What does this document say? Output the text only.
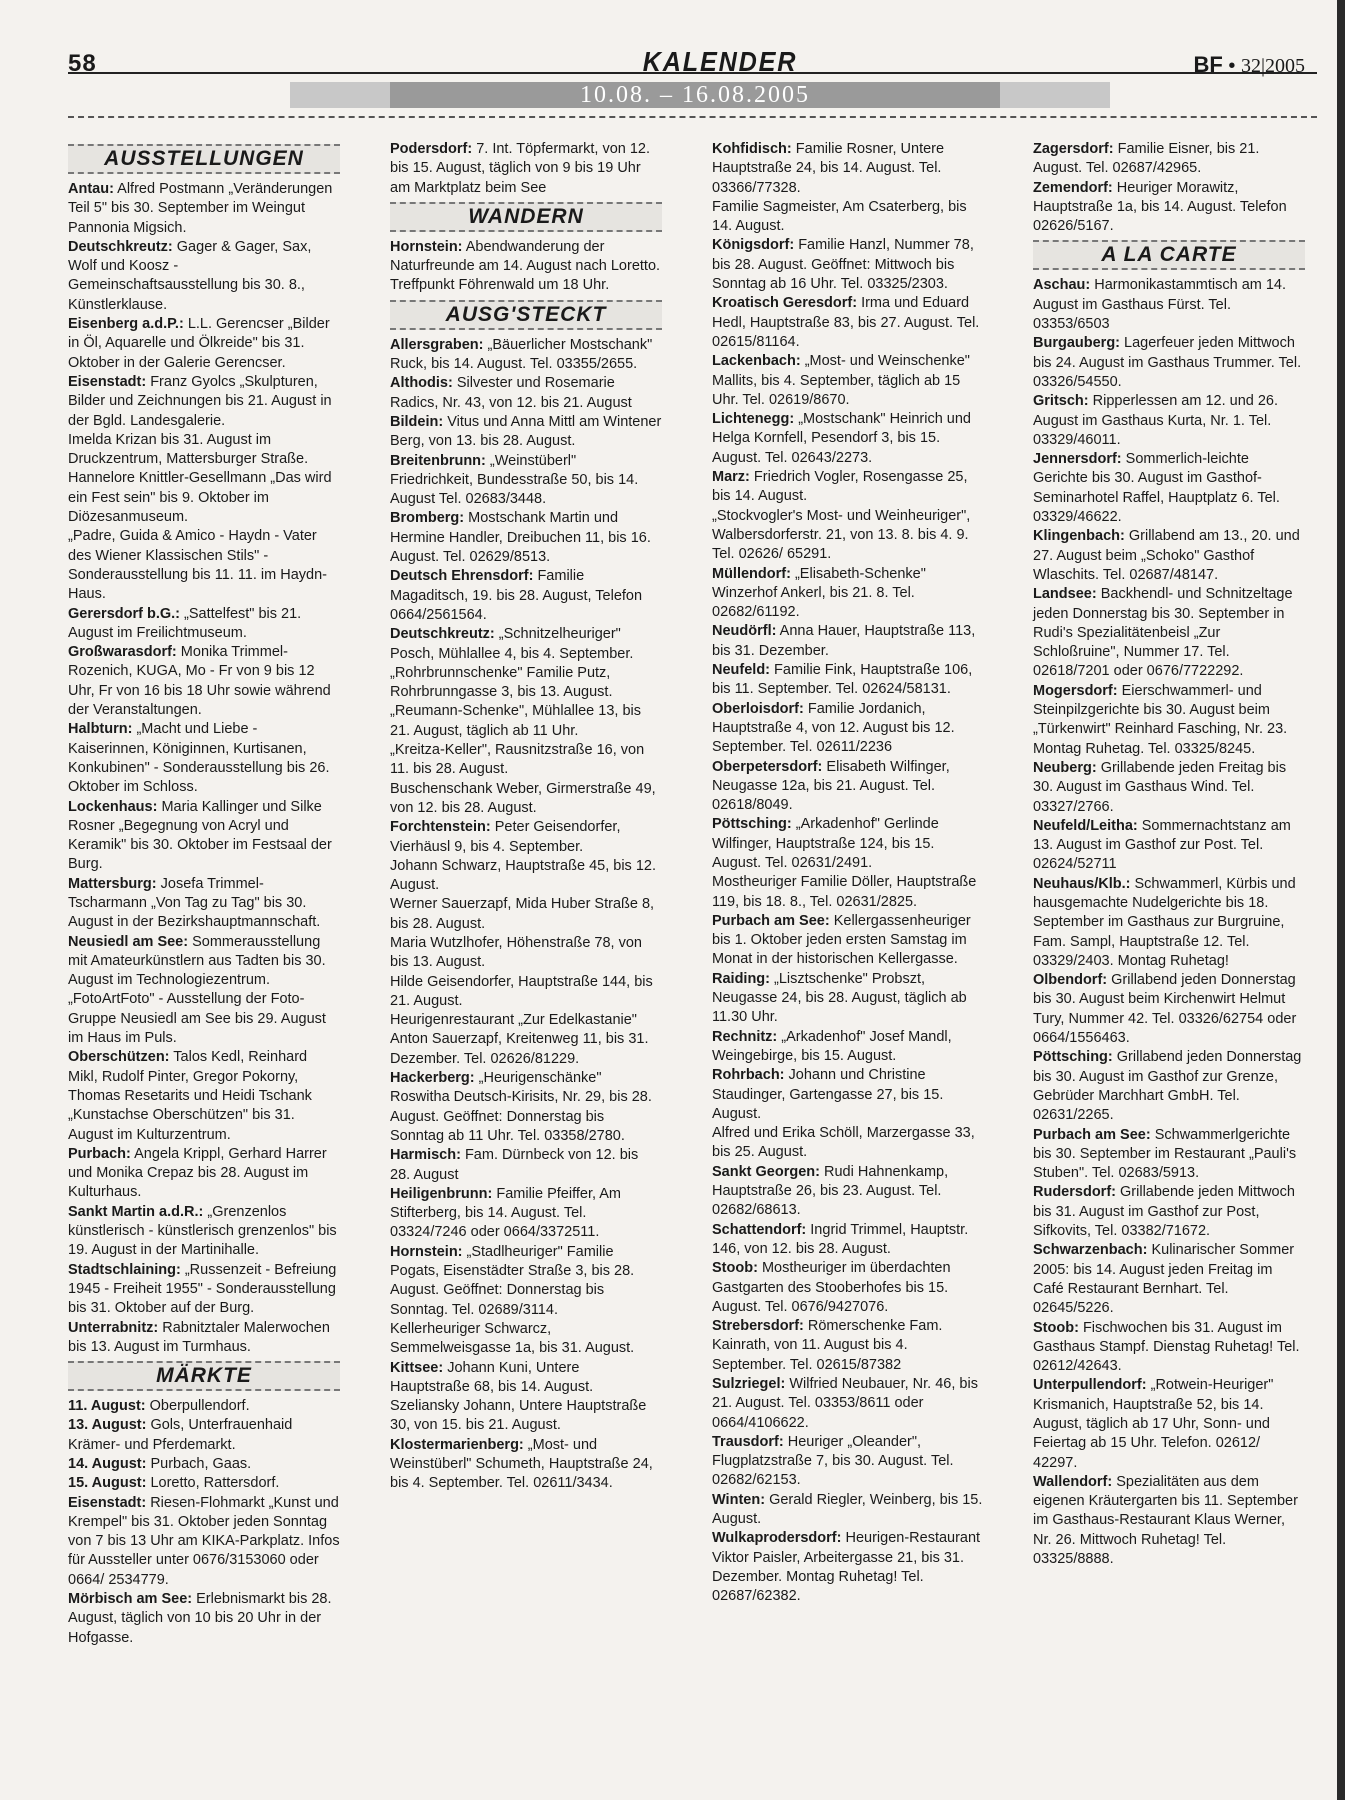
58	KALENDER
10.08. – 16.08.2005
BF • 32|2005
AUSSTELLUNGEN

Antau: Alfred Postmann „Veränderungen Teil 5" bis 30. September im Weingut Pannonia Migsich.

Deutschkreutz: Gager & Gager, Sax, Wolf und Koosz - Gemeinschaftsausstellung bis 30. 8., Künstlerklause.

Eisenberg a.d.P.: L.L. Gerencser „Bilder in Öl, Aquarelle und Ölkreide" bis 31. Oktober in der Galerie Gerencser.

Eisenstadt: Franz Gyolcs „Skulpturen, Bilder und Zeichnungen bis 21. August in der Bgld. Landesgalerie.

Imelda Krizan bis 31. August im Druckzentrum, Mattersburger Straße.

Hannelore Knittler-Gesellmann „Das wird ein Fest sein" bis 9. Oktober im Diözesanmuseum.

„Padre, Guida & Amico - Haydn - Vater des Wiener Klassischen Stils" - Sonderausstellung bis 11. 11. im Haydn-Haus.

Gerersdorf b.G.: „Sattelfest" bis 21. August im Freilichtmuseum.

Großwarasdorf: Monika Trimmel-Rozenich, KUGA, Mo - Fr von 9 bis 12 Uhr, Fr von 16 bis 18 Uhr sowie während der Veranstaltungen.

Halbturn: „Macht und Liebe - Kaiserinnen, Königinnen, Kurtisanen, Konkubinen" - Sonderausstellung bis 26. Oktober im Schloss.

Lockenhaus: Maria Kallinger und Silke Rosner „Begegnung von Acryl und Keramik" bis 30. Oktober im Festsaal der Burg.

Mattersburg: Josefa Trimmel-Tscharmann „Von Tag zu Tag" bis 30. August in der Bezirkshauptmannschaft.

Neusiedl am See: Sommerausstellung mit Amateurkünstlern aus Tadten bis 30. August im Technologiezentrum.

„FotoArtFoto" - Ausstellung der Foto-Gruppe Neusiedl am See bis 29. August im Haus im Puls.

Oberschützen: Talos Kedl, Reinhard Mikl, Rudolf Pinter, Gregor Pokorny, Thomas Resetarits und Heidi Tschank „Kunstachse Oberschützen" bis 31. August im Kulturzentrum.

Purbach: Angela Krippl, Gerhard Harrer und Monika Crepaz bis 28. August im Kulturhaus.

Sankt Martin a.d.R.: „Grenzenlos künstlerisch - künstlerisch grenzenlos" bis 19. August in der Martinihalle.

Stadtschlaining: „Russenzeit - Befreiung 1945 - Freiheit 1955" - Sonderausstellung bis 31. Oktober auf der Burg.

Unterrabnitz: Rabnitztaler Malerwochen bis 13. August im Turmhaus.

MÄRKTE

11. August: Oberpullendorf.

13. August: Gols, Unterfrauenhaid Krämer- und Pferdemarkt.

14. August: Purbach, Gaas.

15. August: Loretto, Rattersdorf.

Eisenstadt: Riesen-Flohmarkt „Kunst und Krempel" bis 31. Oktober jeden Sonntag von 7 bis 13 Uhr am KIKA-Parkplatz. Infos für Aussteller unter 0676/3153060 oder 0664/ 2534779.

Mörbisch am See: Erlebnismarkt bis 28. August, täglich von 10 bis 20 Uhr in der Hofgasse.

Podersdorf: 7. Int. Töpfermarkt, von 12. bis 15. August, täglich von 9 bis 19 Uhr am Marktplatz beim See

WANDERN

Hornstein: Abendwanderung der Naturfreunde am 14. August nach Loretto. Treffpunkt Föhrenwald um 18 Uhr.

AUSG'STECKT

Allersgraben: „Bäuerlicher Mostschank" Ruck, bis 14. August. Tel. 03355/2655.

Althodis: Silvester und Rosemarie Radics, Nr. 43, von 12. bis 21. August

Bildein: Vitus und Anna Mittl am Wintener Berg, von 13. bis 28. August.

Breitenbrunn: „Weinstüberl" Friedrichkeit, Bundesstraße 50, bis 14. August Tel. 02683/3448.

Bromberg: Mostschank Martin und Hermine Handler, Dreibuchen 11, bis 16. August. Tel. 02629/8513.

Deutsch Ehrensdorf: Familie Magaditsch, 19. bis 28. August, Telefon 0664/2561564.

Deutschkreutz: „Schnitzelheuriger" Posch, Mühlallee 4, bis 4. September.

„Rohrbrunnschenke" Familie Putz, Rohrbrunngasse 3, bis 13. August.

„Reumann-Schenke", Mühlallee 13, bis 21. August, täglich ab 11 Uhr.

„Kreitza-Keller", Rausnitzstraße 16, von 11. bis 28. August.

Buschenschank Weber, Girmerstraße 49, von 12. bis 28. August.

Forchtenstein: Peter Geisendorfer, Vierhäusl 9, bis 4. September.

Johann Schwarz, Hauptstraße 45, bis 12. August.

Werner Sauerzapf, Mida Huber Straße 8, bis 28. August.

Maria Wutzlhofer, Höhenstraße 78, von bis 13. August.

Hilde Geisendorfer, Hauptstraße 144, bis 21. August.

Heurigenrestaurant „Zur Edelkastanie" Anton Sauerzapf, Kreitenweg 11, bis 31. Dezember. Tel. 02626/81229.

Hackerberg: „Heurigenschänke" Roswitha Deutsch-Kirisits, Nr. 29, bis 28. August. Geöffnet: Donnerstag bis Sonntag ab 11 Uhr. Tel. 03358/2780.

Harmisch: Fam. Dürnbeck von 12. bis 28. August

Heiligenbrunn: Familie Pfeiffer, Am Stifterberg, bis 14. August. Tel. 03324/7246 oder 0664/3372511.

Hornstein: „Stadlheuriger" Familie Pogats, Eisenstädter Straße 3, bis 28. August. Geöffnet: Donnerstag bis Sonntag. Tel. 02689/3114.

Kellerheuriger Schwarcz, Semmelweisgasse 1a, bis 31. August.

Kittsee: Johann Kuni, Untere Hauptstraße 68, bis 14. August.

Szeliansky Johann, Untere Hauptstraße 30, von 15. bis 21. August.

Klostermarienberg: „Most- und Weinstüberl" Schumeth, Hauptstraße 24, bis 4. September. Tel. 02611/3434.

Kohfidisch: Familie Rosner, Untere Hauptstraße 24, bis 14. August. Tel. 03366/77328.

Familie Sagmeister, Am Csaterberg, bis 14. August.

Königsdorf: Familie Hanzl, Nummer 78, bis 28. August. Geöffnet: Mittwoch bis Sonntag ab 16 Uhr. Tel. 03325/2303.

Kroatisch Geresdorf: Irma und Eduard Hedl, Hauptstraße 83, bis 27. August. Tel. 02615/81164.

Lackenbach: „Most- und Weinschenke" Mallits, bis 4. September, täglich ab 15 Uhr. Tel. 02619/8670.

Lichtenegg: „Mostschank" Heinrich und Helga Kornfell, Pesendorf 3, bis 15. August. Tel. 02643/2273.

Marz: Friedrich Vogler, Rosengasse 25, bis 14. August.

„Stockvogler's Most- und Weinheuriger", Walbersdorferstr. 21, von 13. 8. bis 4. 9. Tel. 02626/ 65291.

Müllendorf: „Elisabeth-Schenke" Winzerhof Ankerl, bis 21. 8. Tel. 02682/61192.

Neudörfl: Anna Hauer, Hauptstraße 113, bis 31. Dezember.

Neufeld: Familie Fink, Hauptstraße 106, bis 11. September. Tel. 02624/58131.

Oberloisdorf: Familie Jordanich, Hauptstraße 4, von 12. August bis 12. September. Tel. 02611/2236

Oberpetersdorf: Elisabeth Wilfinger, Neugasse 12a, bis 21. August. Tel. 02618/8049.

Pöttsching: „Arkadenhof" Gerlinde Wilfinger, Hauptstraße 124, bis 15. August. Tel. 02631/2491.

Mostheuriger Familie Döller, Hauptstraße 119, bis 18. 8., Tel. 02631/2825.

Purbach am See: Kellergassenheuriger bis 1. Oktober jeden ersten Samstag im Monat in der historischen Kellergasse.

Raiding: „Lisztschenke" Probszt, Neugasse 24, bis 28. August, täglich ab 11.30 Uhr.

Rechnitz: „Arkadenhof" Josef Mandl, Weingebirge, bis 15. August.

Rohrbach: Johann und Christine Staudinger, Gartengasse 27, bis 15. August.

Alfred und Erika Schöll, Marzergasse 33, bis 25. August.

Sankt Georgen: Rudi Hahnenkamp, Hauptstraße 26, bis 23. August. Tel. 02682/68613.

Schattendorf: Ingrid Trimmel, Hauptstr. 146, von 12. bis 28. August.

Stoob: Mostheuriger im überdachten Gastgarten des Stooberhofes bis 15. August. Tel. 0676/9427076.

Strebersdorf: Römerschenke Fam. Kainrath, von 11. August bis 4. September. Tel. 02615/87382

Sulzriegel: Wilfried Neubauer, Nr. 46, bis 21. August. Tel. 03353/8611 oder 0664/4106622.

Trausdorf: Heuriger „Oleander", Flugplatzstraße 7, bis 30. August. Tel. 02682/62153.

Winten: Gerald Riegler, Weinberg, bis 15. August.

Wulkaprodersdorf: Heurigen-Restaurant Viktor Paisler, Arbeitergasse 21, bis 31. Dezember. Montag Ruhetag! Tel. 02687/62382.

Zagersdorf: Familie Eisner, bis 21. August. Tel. 02687/42965.

Zemendorf: Heuriger Morawitz, Hauptstraße 1a, bis 14. August. Telefon 02626/5167.

A LA CARTE

Aschau: Harmonikastammtisch am 14. August im Gasthaus Fürst. Tel. 03353/6503

Burgauberg: Lagerfeuer jeden Mittwoch bis 24. August im Gasthaus Trummer. Tel. 03326/54550.

Gritsch: Ripperlessen am 12. und 26. August im Gasthaus Kurta, Nr. 1. Tel. 03329/46011.

Jennersdorf: Sommerlich-leichte Gerichte bis 30. August im Gasthof-Seminarhotel Raffel, Hauptplatz 6. Tel. 03329/46622.

Klingenbach: Grillabend am 13., 20. und 27. August beim „Schoko" Gasthof Wlaschits. Tel. 02687/48147.

Landsee: Backhendl- und Schnitzeltage jeden Donnerstag bis 30. September in Rudi's Spezialitätenbeisl „Zur Schloßruine", Nummer 17. Tel. 02618/7201 oder 0676/7722292.

Mogersdorf: Eierschwammerl- und Steinpilzgerichte bis 30. August beim „Türkenwirt" Reinhard Fasching, Nr. 23. Montag Ruhetag. Tel. 03325/8245.

Neuberg: Grillabende jeden Freitag bis 30. August im Gasthaus Wind. Tel. 03327/2766.

Neufeld/Leitha: Sommernachtstanz am 13. August im Gasthof zur Post. Tel. 02624/52711

Neuhaus/Klb.: Schwammerl, Kürbis und hausgemachte Nudelgerichte bis 18. September im Gasthaus zur Burgruine, Fam. Sampl, Hauptstraße 12. Tel. 03329/2403. Montag Ruhetag!

Olbendorf: Grillabend jeden Donnerstag bis 30. August beim Kirchenwirt Helmut Tury, Nummer 42. Tel. 03326/62754 oder 0664/1556463.

Pöttsching: Grillabend jeden Donnerstag bis 30. August im Gasthof zur Grenze, Gebrüder Marchhart GmbH. Tel. 02631/2265.

Purbach am See: Schwammerlgerichte bis 30. September im Restaurant „Pauli's Stuben". Tel. 02683/5913.

Rudersdorf: Grillabende jeden Mittwoch bis 31. August im Gasthof zur Post, Sifkovits, Tel. 03382/71672.

Schwarzenbach: Kulinarischer Sommer 2005: bis 14. August jeden Freitag im Café Restaurant Bernhart. Tel. 02645/5226.

Stoob: Fischwochen bis 31. August im Gasthaus Stampf. Dienstag Ruhetag! Tel. 02612/42643.

Unterpullendorf: „Rotwein-Heuriger" Krismanich, Hauptstraße 52, bis 14. August, täglich ab 17 Uhr, Sonn- und Feiertag ab 15 Uhr. Telefon. 02612/ 42297.

Wallendorf: Spezialitäten aus dem eigenen Kräutergarten bis 11. September im Gasthaus-Restaurant Klaus Werner, Nr. 26. Mittwoch Ruhetag! Tel. 03325/8888.
